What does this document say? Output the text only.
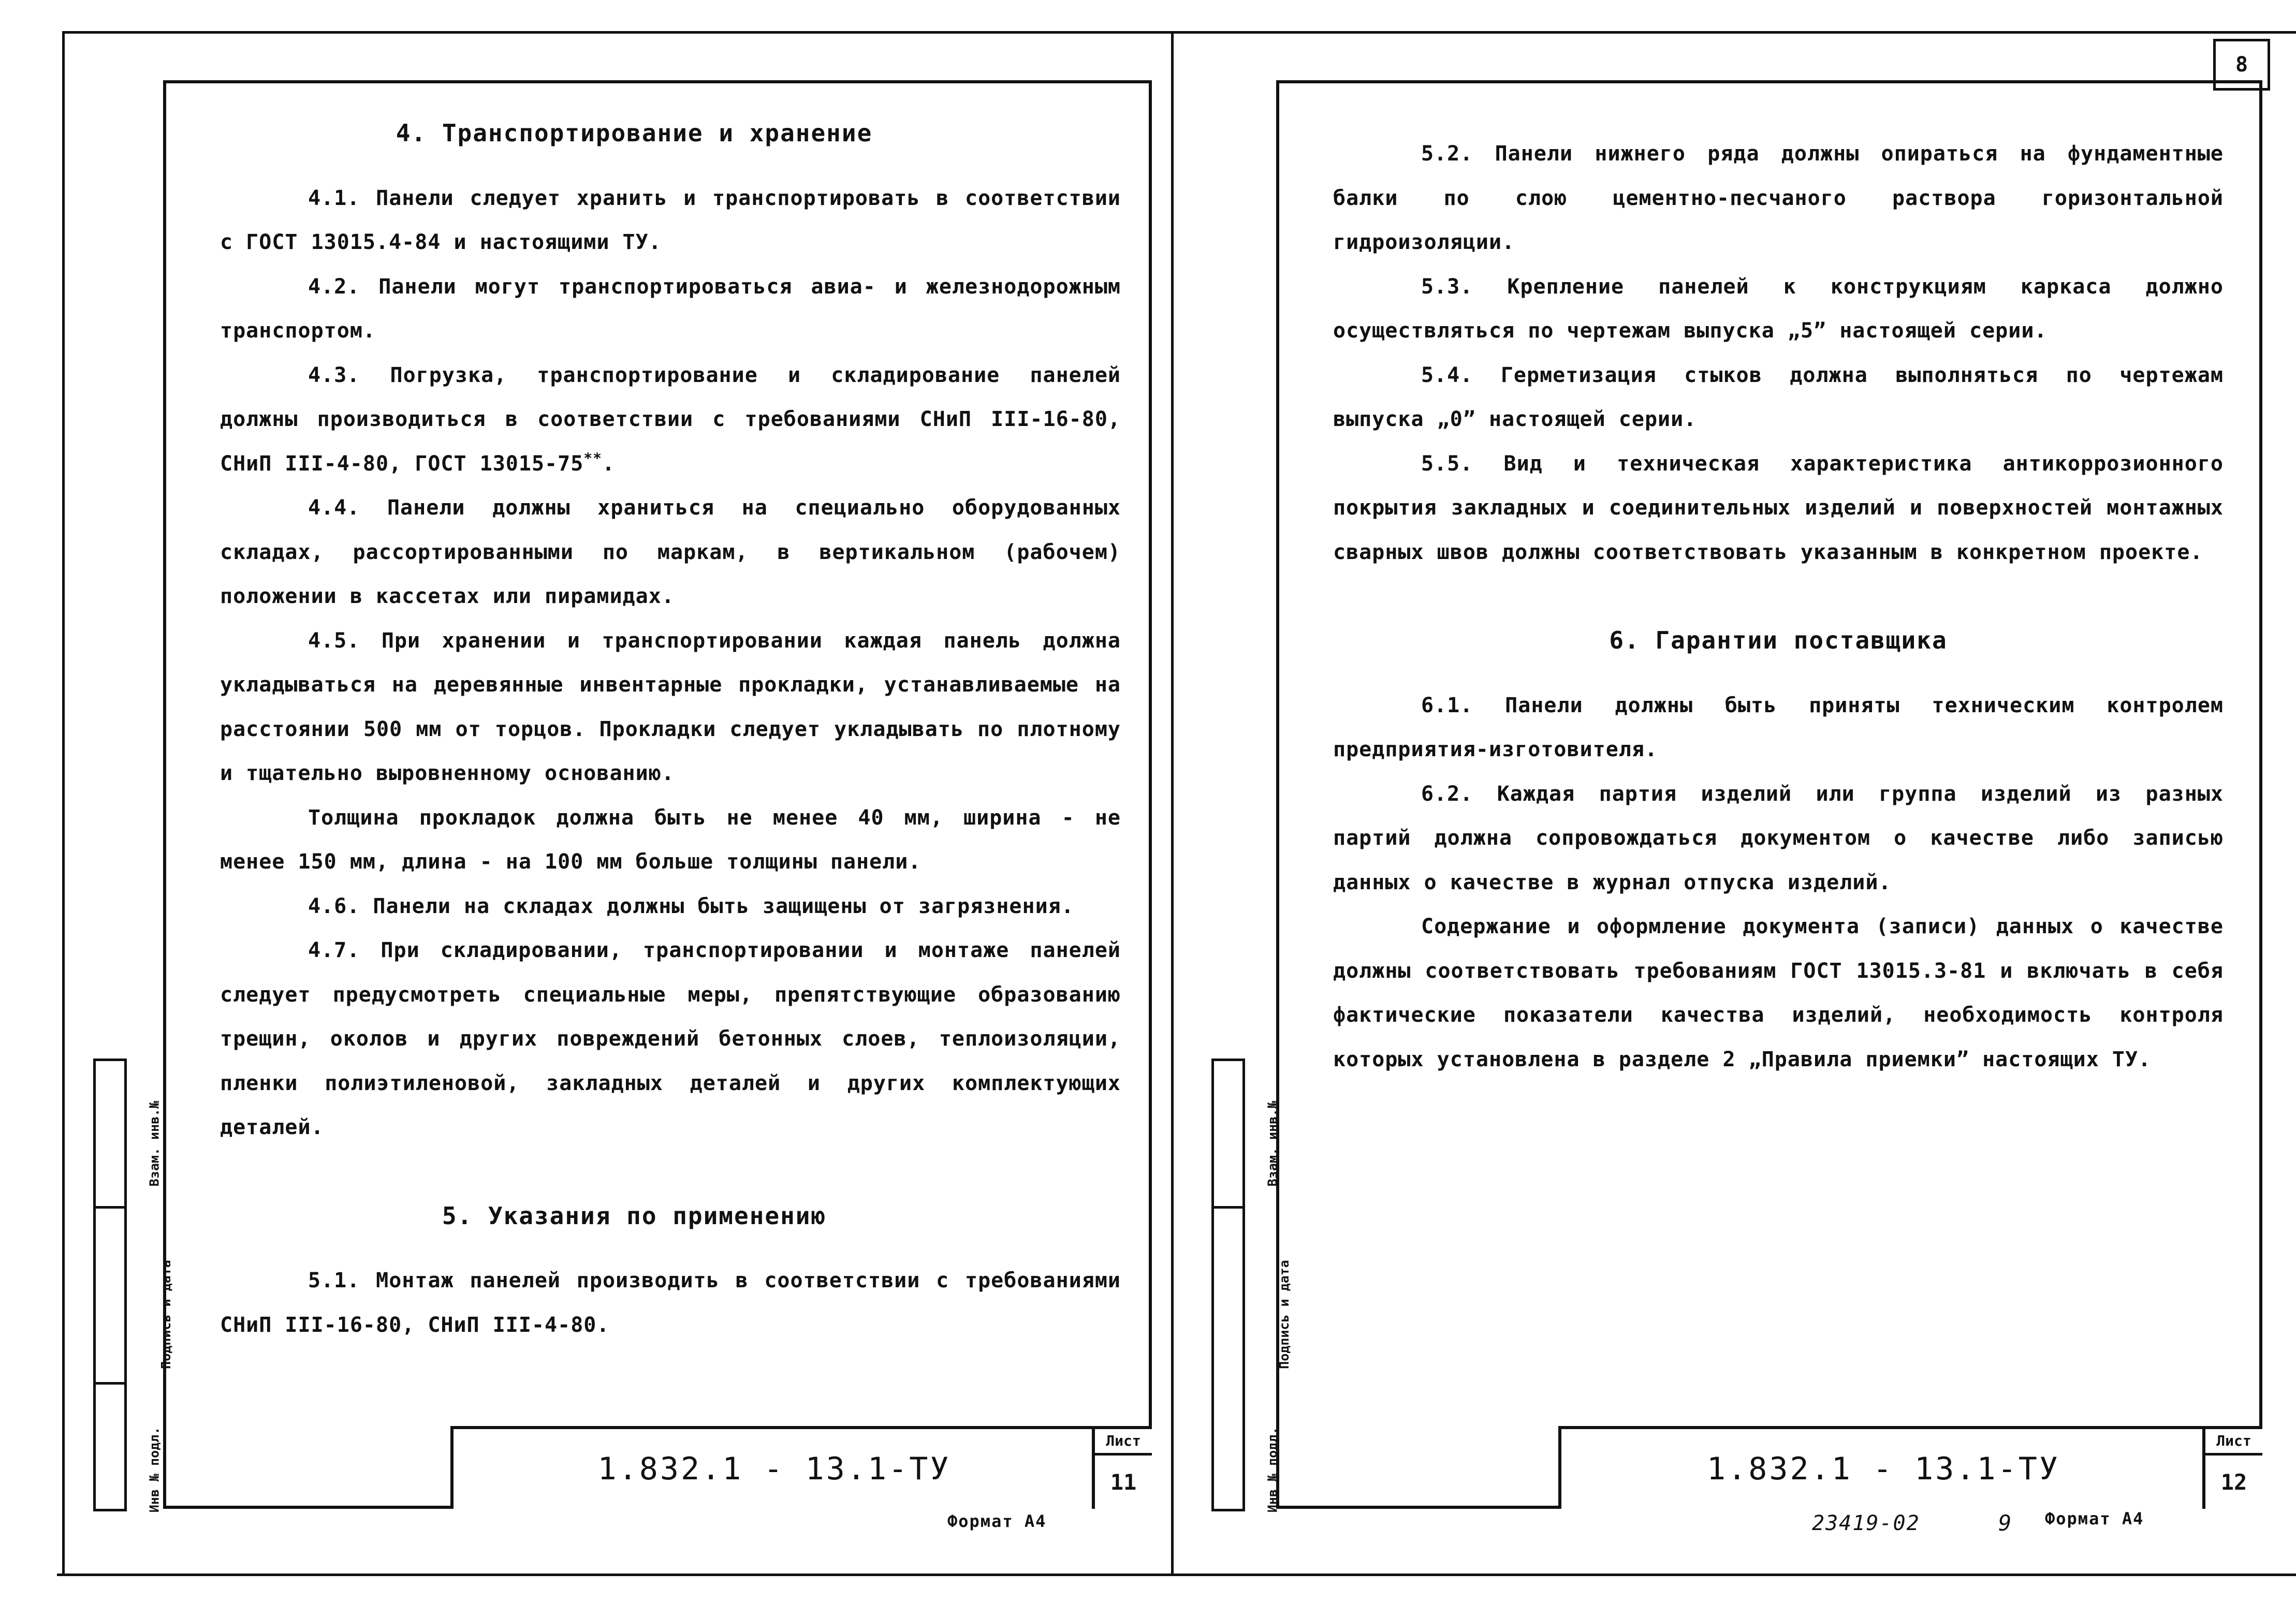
8
Инв № подл.
Подпись и дата
Взам. инв.№
4. Транспортирование и хранение

4.1. Панели следует хранить и транспортировать в соответствии с ГОСТ 13015.4-84 и настоящими ТУ.

4.2. Панели могут транспортироваться авиа- и железнодорожным транспортом.

4.3. Погрузка, транспортирование и складирование панелей должны производиться в соответствии с требованиями СНиП III-16-80, СНиП III-4-80, ГОСТ 13015-75**.

4.4. Панели должны храниться на специально оборудованных складах, рассортированными по маркам, в вертикальном (рабочем) положении в кассетах или пирамидах.

4.5. При хранении и транспортировании каждая панель должна укладываться на деревянные инвентарные прокладки, устанавливаемые на расстоянии 500 мм от торцов. Прокладки следует укладывать по плотному и тщательно выровненному основанию.

Толщина прокладок должна быть не менее 40 мм, ширина - не менее 150 мм, длина - на 100 мм больше толщины панели.

4.6. Панели на складах должны быть защищены от загрязнения.

4.7. При складировании, транспортировании и монтаже панелей следует предусмотреть специальные меры, препятствующие образованию трещин, околов и других повреждений бетонных слоев, теплоизоляции, пленки полиэтиленовой, закладных деталей и других комплектующих деталей.

5. Указания по применению

5.1. Монтаж панелей производить в соответствии с требованиями СНиП III-16-80, СНиП III-4-80.

1.832.1 - 13.1-ТУ
Лист
11
Формат А4
Инв № подл.
Подпись и дата
Взам. инв.№

5.2. Панели нижнего ряда должны опираться на фундаментные балки по слою цементно-песчаного раствора горизонтальной гидроизоляции.

5.3. Крепление панелей к конструкциям каркаса должно осуществляться по чертежам выпуска „5” настоящей серии.

5.4. Герметизация стыков должна выполняться по чертежам выпуска „0” настоящей серии.

5.5. Вид и техническая характеристика антикоррозионного покрытия закладных и соединительных изделий и поверхностей монтажных сварных швов должны соответствовать указанным в конкретном проекте.

6. Гарантии поставщика

6.1. Панели должны быть приняты техническим контролем предприятия-изготовителя.

6.2. Каждая партия изделий или группа изделий из разных партий должна сопровождаться документом о качестве либо записью данных о качестве в журнал отпуска изделий.

Содержание и оформление документа (записи) данных о качестве должны соответствовать требованиям ГОСТ 13015.3-81 и включать в себя фактические показатели качества изделий, необходимость контроля которых установлена в разделе 2 „Правила приемки” настоящих ТУ.

1.832.1 - 13.1-ТУ
Лист
12
23419-02	9 Формат А4
